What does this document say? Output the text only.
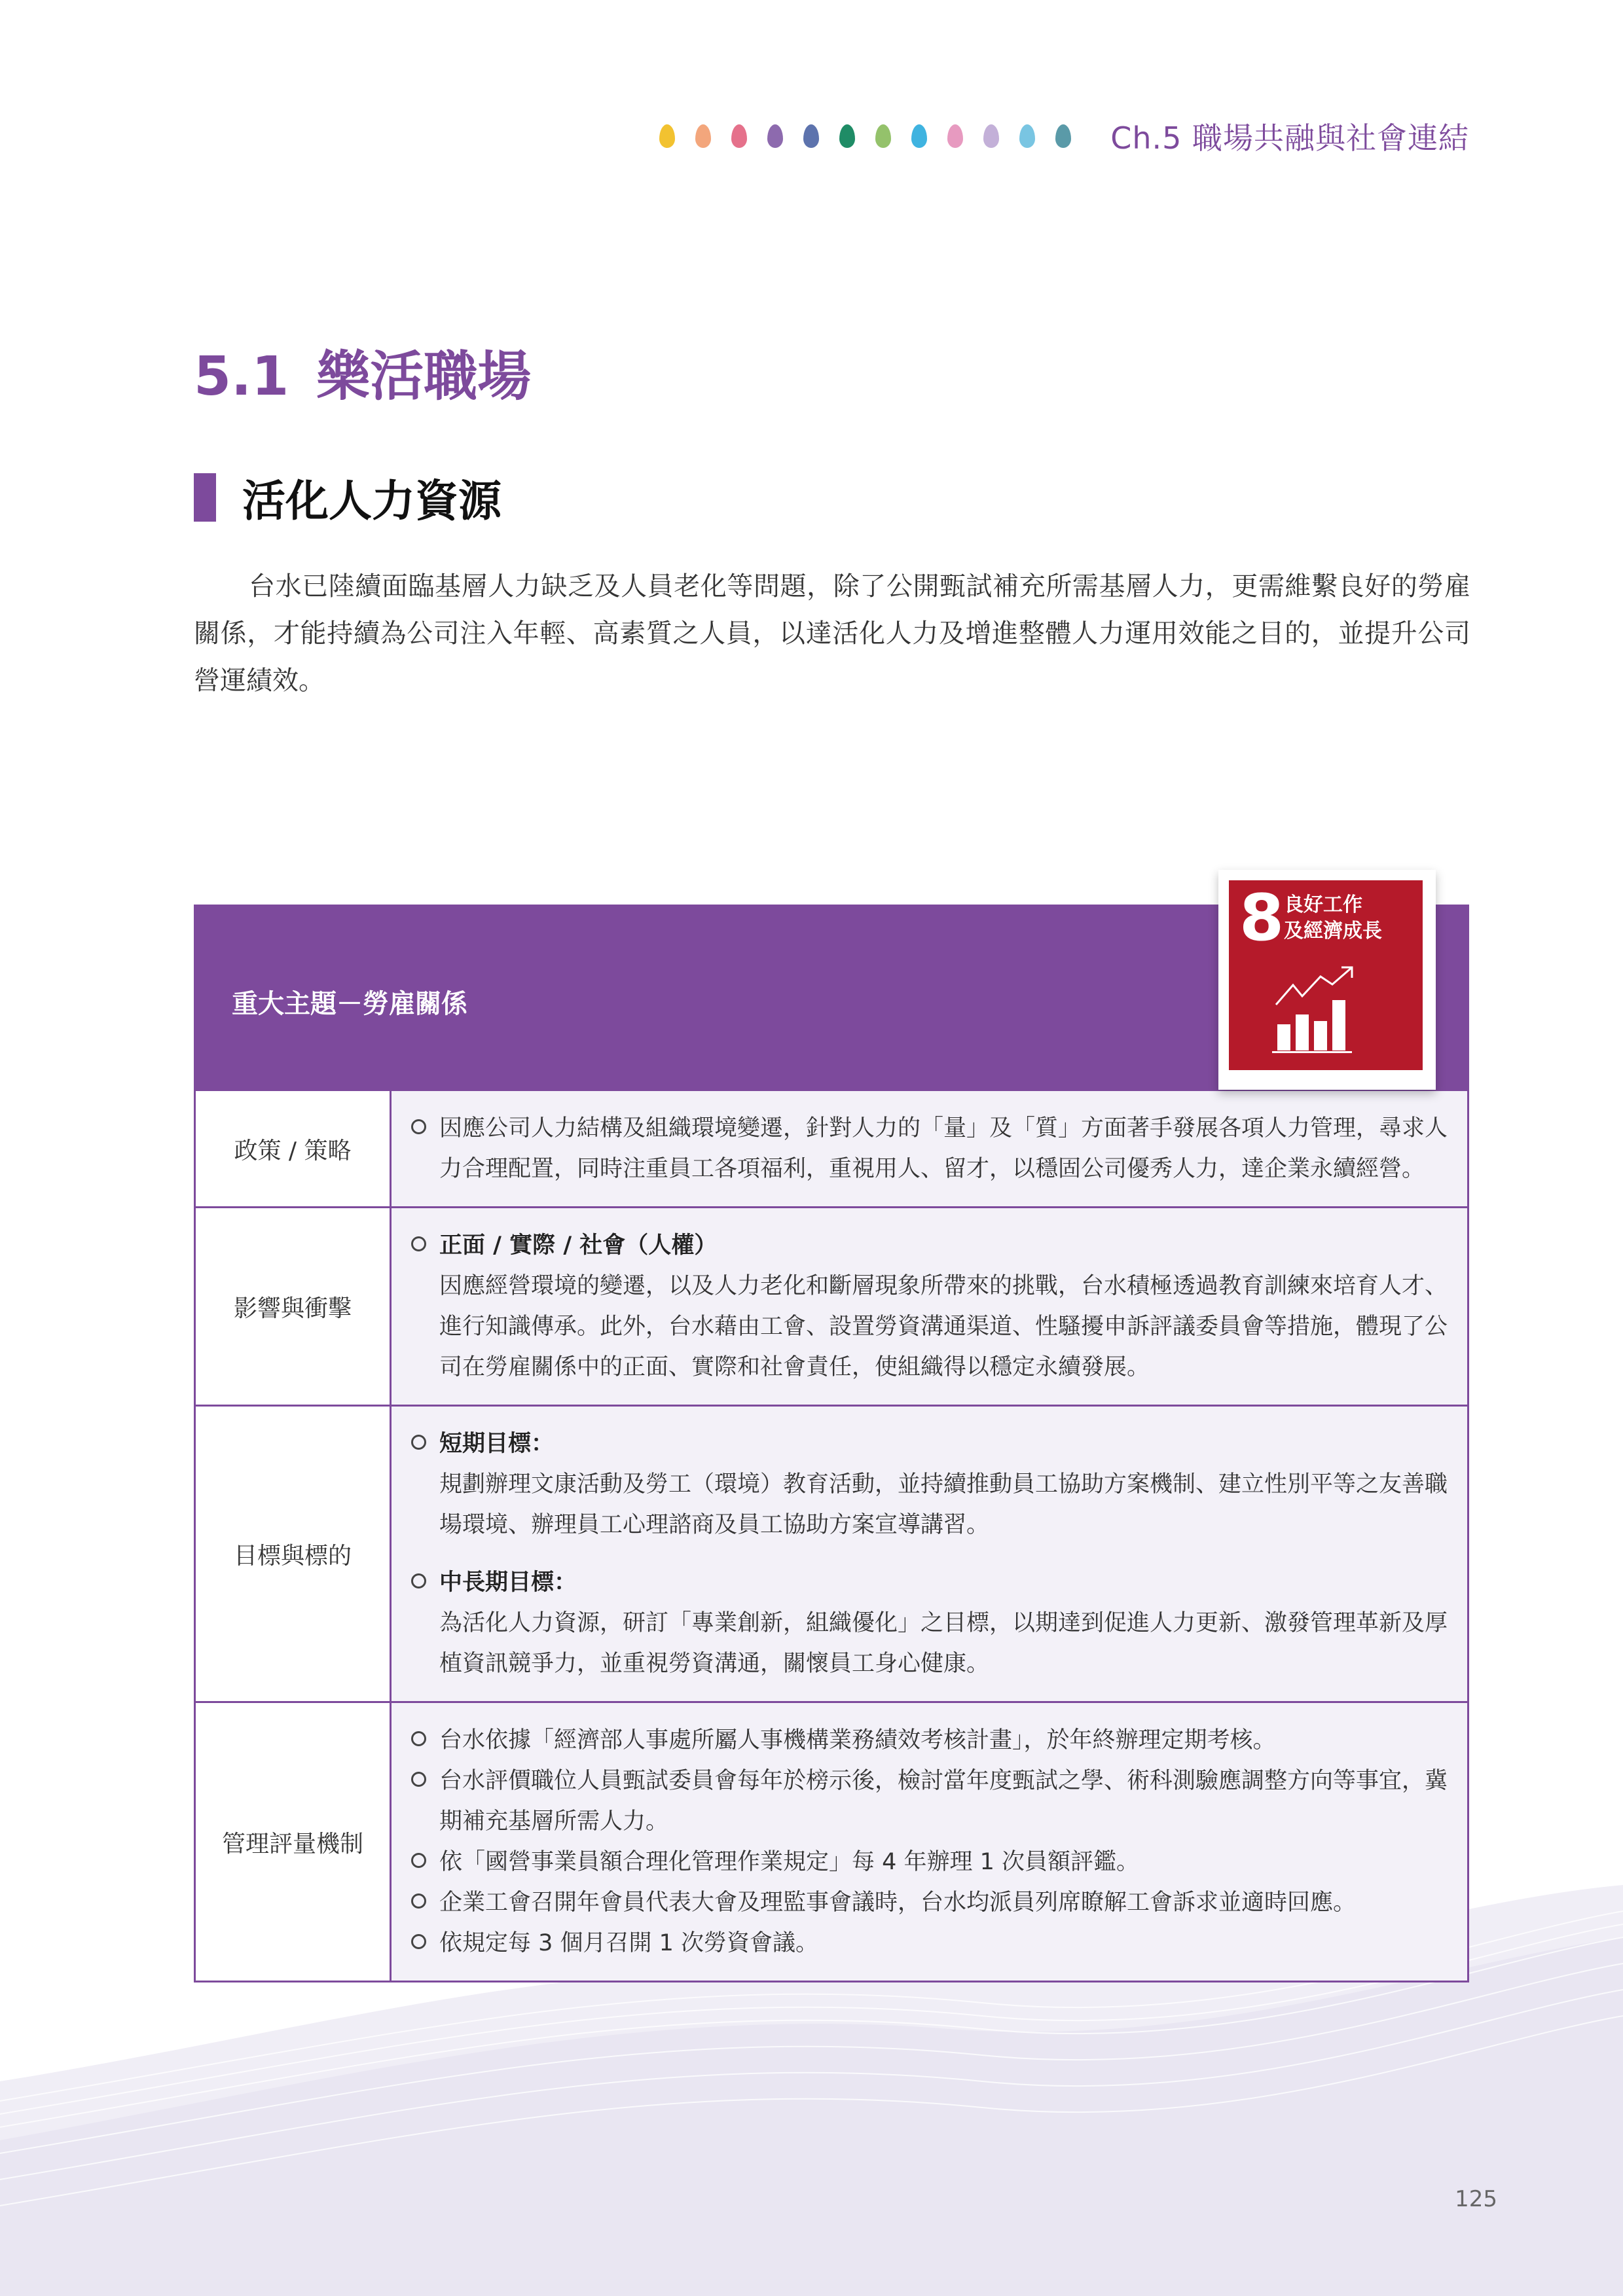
Ch.5 職場共融與社會連結
5.1 樂活職場
活化人力資源

台水已陸續面臨基層人力缺乏及人員老化等問題，除了公開甄試補充所需基層人力，更需維繫良好的勞雇關係，才能持續為公司注入年輕、高素質之人員，以達活化人力及增進整體人力運用效能之目的，並提升公司營運績效。

重大主題－勞雇關係
8 良好工作
及經濟成長
政策 / 策略	因應公司人力結構及組織環境變遷，針對人力的「量」及「質」方面著手發展各項人力管理，尋求人力合理配置，同時注重員工各項福利，重視用人、留才，以穩固公司優秀人力，達企業永續經營。

影響與衝擊	正面 / 實際 / 社會（人權）
因應經營環境的變遷，以及人力老化和斷層現象所帶來的挑戰，台水積極透過教育訓練來培育人才、進行知識傳承。此外，台水藉由工會、設置勞資溝通渠道、性騷擾申訴評議委員會等措施，體現了公司在勞雇關係中的正面、實際和社會責任，使組織得以穩定永續發展。

目標與標的	短期目標：
規劃辦理文康活動及勞工（環境）教育活動，並持續推動員工協助方案機制、建立性別平等之友善職場環境、辦理員工心理諮商及員工協助方案宣導講習。
中長期目標：
為活化人力資源，研訂「專業創新，組織優化」之目標，以期達到促進人力更新、激發管理革新及厚植資訊競爭力，並重視勞資溝通，關懷員工身心健康。

管理評量機制	台水依據「經濟部人事處所屬人事機構業務績效考核計畫」，於年終辦理定期考核。
台水評價職位人員甄試委員會每年於榜示後，檢討當年度甄試之學、術科測驗應調整方向等事宜，冀期補充基層所需人力。
依「國營事業員額合理化管理作業規定」每 4 年辦理 1 次員額評鑑。
企業工會召開年會員代表大會及理監事會議時，台水均派員列席瞭解工會訴求並適時回應。
依規定每 3 個月召開 1 次勞資會議。
125
